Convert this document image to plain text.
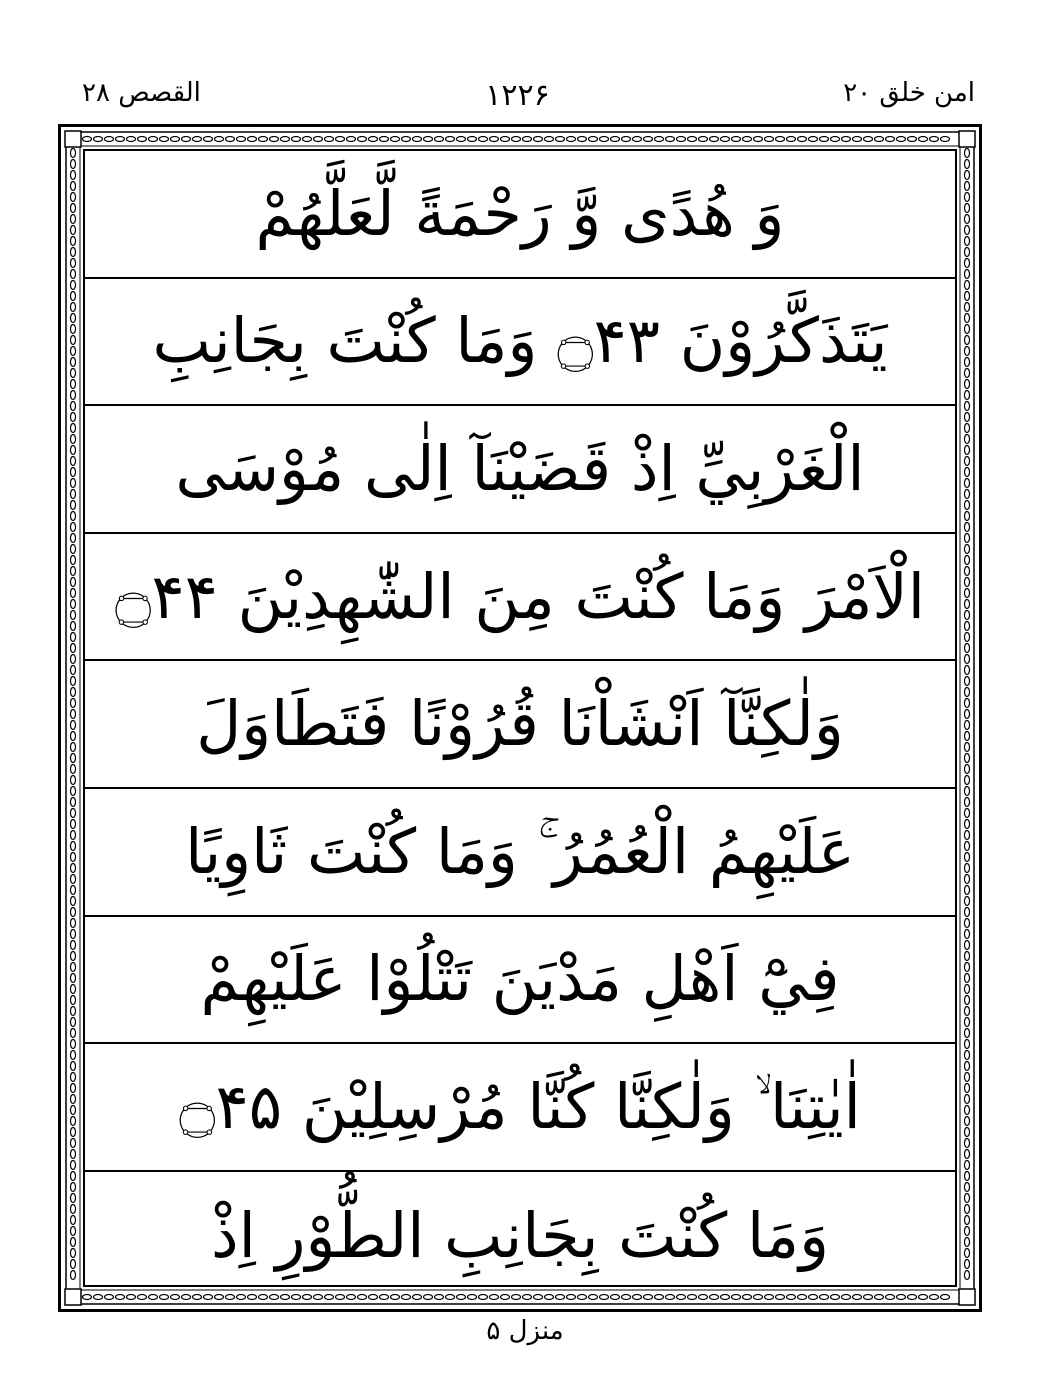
امن خلق ۲۰
۱۲۲۶
القصص ۲۸
وَ هُدًى وَّ رَحْمَةً لَّعَلَّهُمْ
يَتَذَكَّرُوْنَ ۝۴۳ وَمَا كُنْتَ بِجَانِبِ
الْغَرْبِيِّ اِذْ قَضَيْنَآ اِلٰى مُوْسَى
الْاَمْرَ وَمَا كُنْتَ مِنَ الشّٰهِدِيْنَ ۝۴۴
وَلٰكِنَّآ اَنْشَاْنَا قُرُوْنًا فَتَطَاوَلَ
عَلَيْهِمُ الْعُمُرُ ۚ وَمَا كُنْتَ ثَاوِيًا
فِيْٓ اَهْلِ مَدْيَنَ تَتْلُوْا عَلَيْهِمْ
اٰيٰتِنَا ۙ وَلٰكِنَّا كُنَّا مُرْسِلِيْنَ ۝۴۵
وَمَا كُنْتَ بِجَانِبِ الطُّوْرِ اِذْ
منزل ۵
